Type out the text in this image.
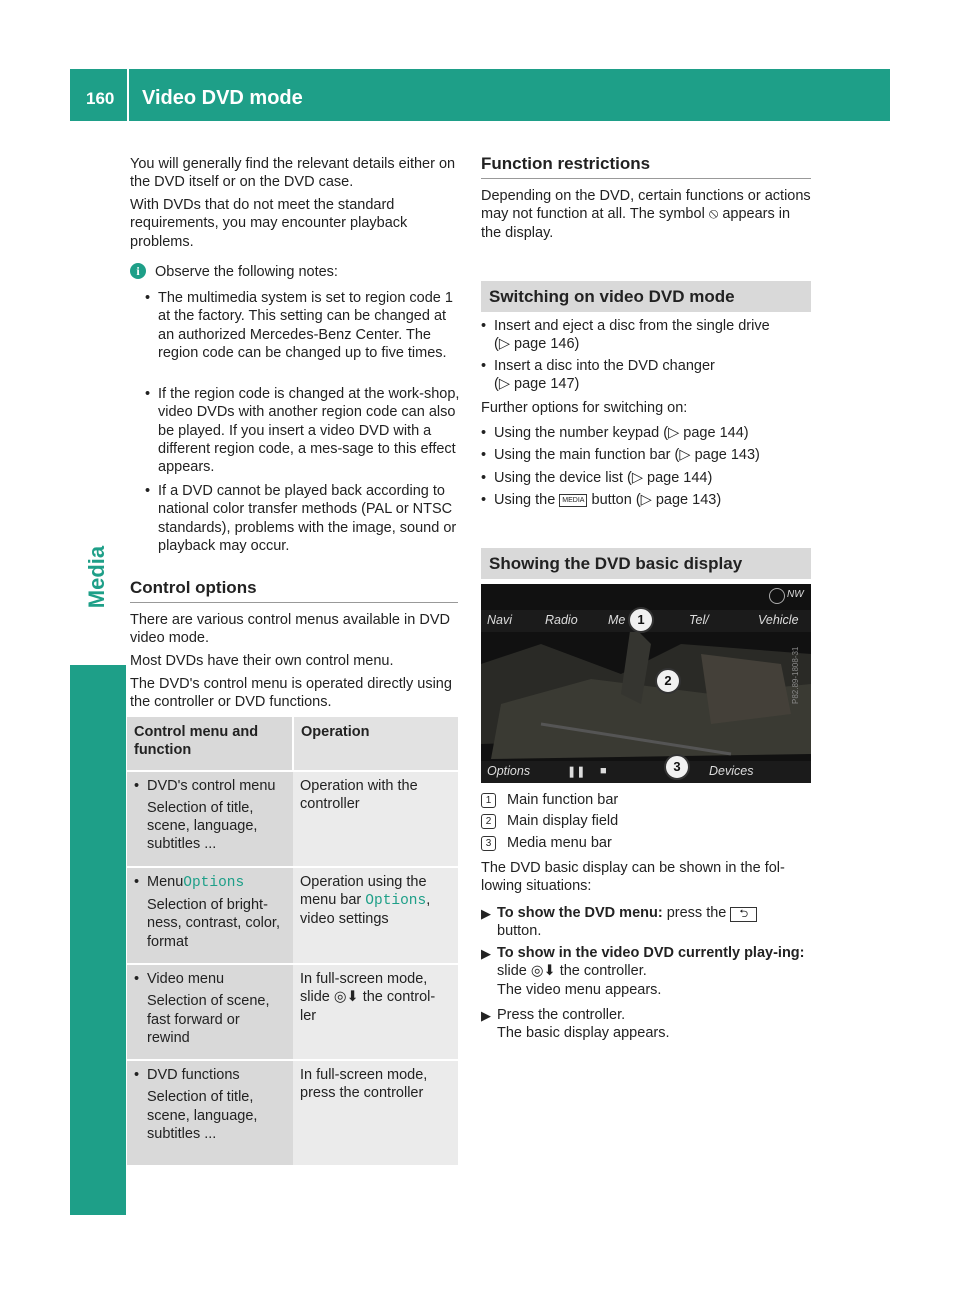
160 Video DVD mode
Media
You will generally find the relevant details either on the DVD itself or on the DVD case.
With DVDs that do not meet the standard requirements, you may encounter playback problems.
i	Observe the following notes:
• The multimedia system is set to region code 1 at the factory. This setting can be changed at an authorized Mercedes-Benz Center. The region code can be changed up to five times.
• If the region code is changed at the work-shop, video DVDs with another region code can also be played. If you insert a video DVD with a different region code, a mes-sage to this effect appears.
• If a DVD cannot be played back according to national color transfer methods (PAL or NTSC standards), problems with the image, sound or playback may occur.
Control options
There are various control menus available in DVD video mode.
Most DVDs have their own control menu.
The DVD's control menu is operated directly using the controller or DVD functions.
Control menu and function	Operation

• DVD's control menu
Selection of title, scene, language, subtitles ...	Operation with the controller

• MenuOptions
Selection of bright-ness, contrast, color, format	Operation using the menu bar Options, video settings

• Video menu
Selection of scene, fast forward or rewind	In full-screen mode, slide ◎⬇ the control-ler

• DVD functions
Selection of title, scene, language, subtitles ...	In full-screen mode, press the controller
Function restrictions
Depending on the DVD, certain functions or actions may not function at all. The symbol ⦸ appears in the display.
Switching on video DVD mode
• Insert and eject a disc from the single drive
(▷ page 146)
• Insert a disc into the DVD changer
(▷ page 147)
Further options for switching on:
• Using the number keypad (▷ page 144)
• Using the main function bar (▷ page 143)
• Using the device list (▷ page 144)
• Using the MEDIA button (▷ page 143)
Showing the DVD basic display
NW
Navi	Radio Me	Tel/	Vehicle
Options	❚❚ ■	Devices
P82.89-1808-31
1
2
3
1	Main function bar
2	Main display field
3	Media menu bar
The DVD basic display can be shown in the fol-lowing situations:
▶ To show the DVD menu: press the ⮌
button.
▶ To show in the video DVD currently play-ing: slide ◎⬇ the controller.
The video menu appears.
▶ Press the controller.
The basic display appears.
